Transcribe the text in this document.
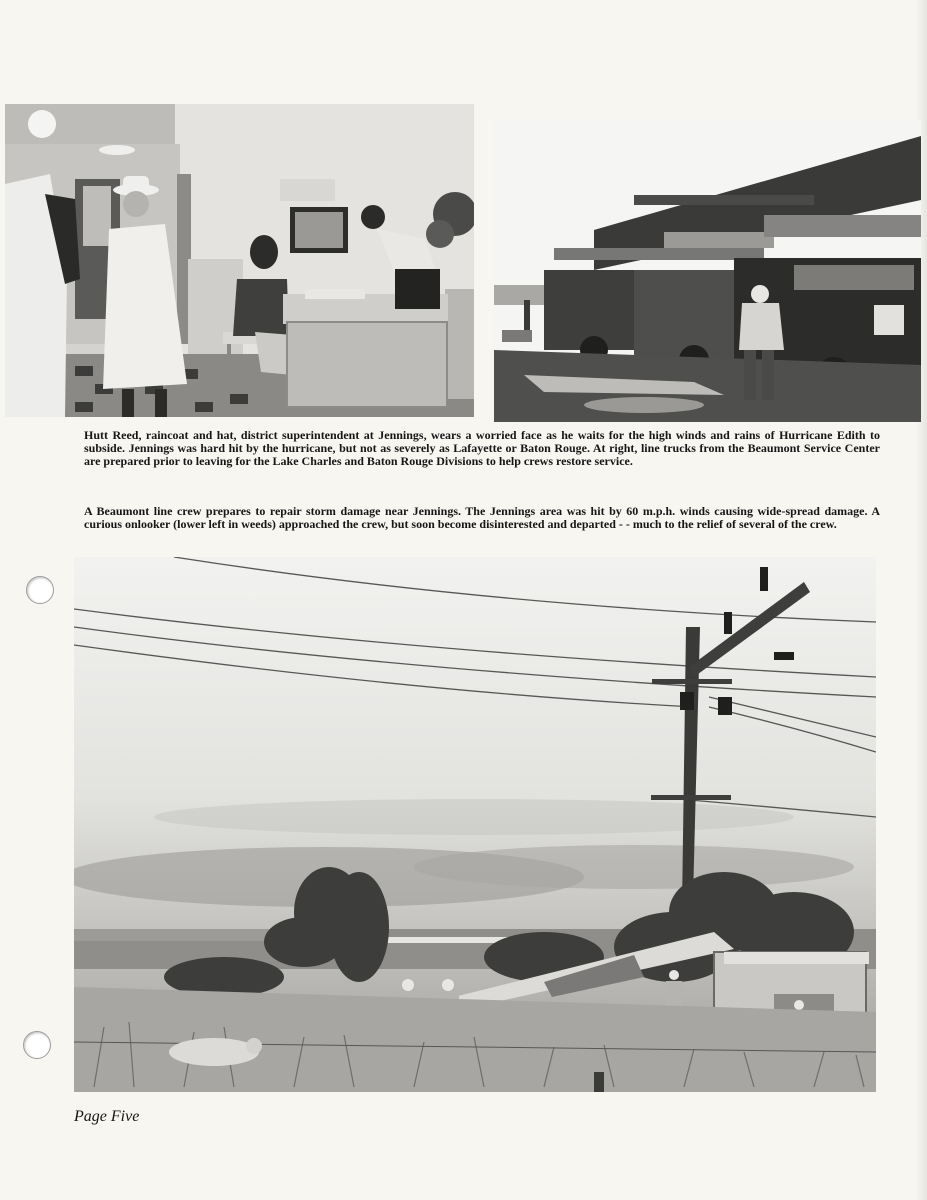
Hutt Reed, raincoat and hat, district superintendent at Jennings, wears a worried face as he waits for the high winds and rains of Hurricane Edith to subside. Jennings was hard hit by the hurricane, but not as severely as Lafayette or Baton Rouge. At right, line trucks from the Beaumont Service Center are prepared prior to leaving for the Lake Charles and Baton Rouge Divisions to help crews restore service.

A Beaumont line crew prepares to repair storm damage near Jennings. The Jennings area was hit by 60 m.p.h. winds causing wide-spread damage. A curious onlooker (lower left in weeds) approached the crew, but soon become disinterested and departed - - much to the relief of several of the crew.

Page Five
